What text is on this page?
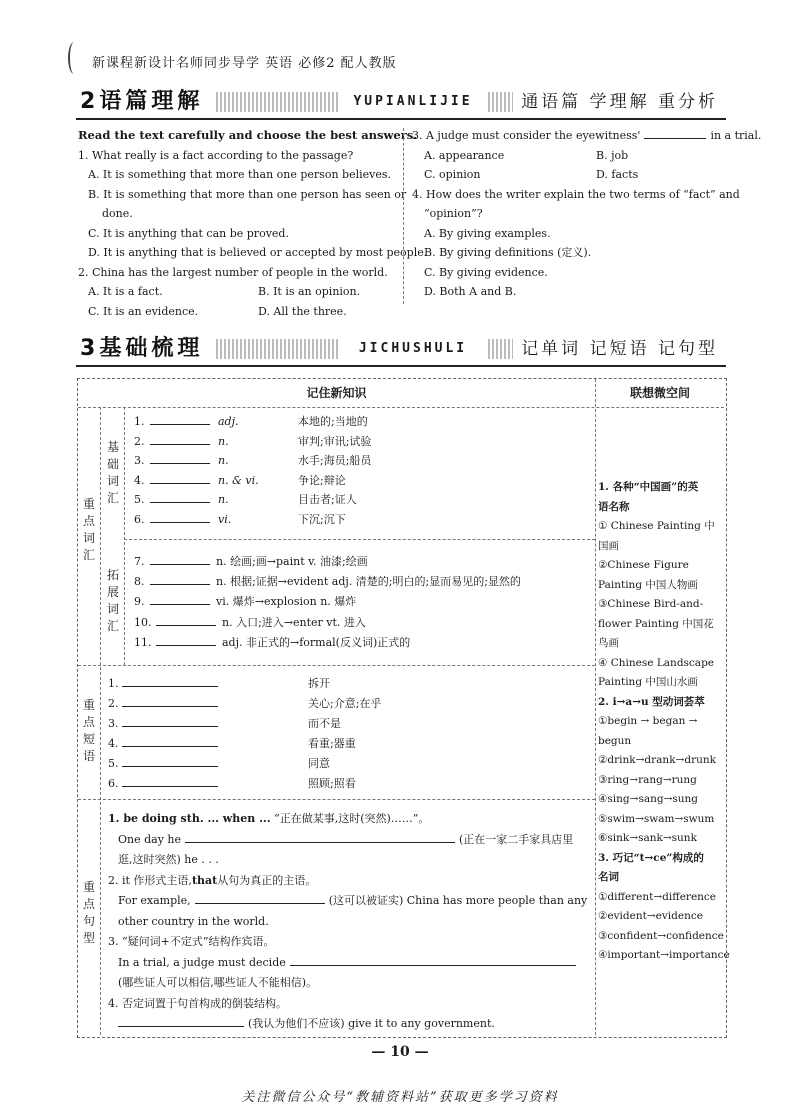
新课程新设计名师同步导学 英语 必修2 配人教版
2语篇理解	YUPIANLIJIE	通语篇 学理解 重分析
Read the text carefully and choose the best answers.
1. What really is a fact according to the passage?
A. It is something that more than one person believes.
B. It is something that more than one person has seen or
done.
C. It is anything that can be proved.
D. It is anything that is believed or accepted by most people.
2. China has the largest number of people in the world.
A. It is a fact.	B. It is an opinion.
C. It is an evidence.	D. All the three.
3. A judge must consider the eyewitness'	in a trial.
A. appearance	B. job
C. opinion	D. facts
4. How does the writer explain the two terms of “fact” and
“opinion”?
A. By giving examples.
B. By giving definitions (定义).
C. By giving evidence.
D. Both A and B.
3基础梳理	JICHUSHULI	记单词 记短语 记句型
记住新知识	联想微空间
重点词汇
基础词汇
拓展词汇
重点短语
重点句型
1.	adj.	本地的;当地的
2.	n.	审判;审讯;试验
3.	n.	水手;海员;船员
4.	n. & vi.	争论;辩论
5.	n.	目击者;证人
6.	vi.	下沉;沉下
7.	n. 绘画;画→paint v. 油漆;绘画
8.	n. 根据;证据→evident adj. 清楚的;明白的;显而易见的;显然的
9.	vi. 爆炸→explosion n. 爆炸
10.	n. 入口;进入→enter vt. 进入
11.	adj. 非正式的→formal(反义词)正式的
1.	拆开
2.	关心;介意;在乎
3.	而不是
4.	看重;器重
5.	同意
6.	照顾;照看
1. be doing sth. ... when ... “正在做某事,这时(突然)……”。
One day he	(正在一家二手家具店里
逛,这时突然) he . . .
2. it 作形式主语,that从句为真正的主语。
For example,	(这可以被证实) China has more people than any
other country in the world.
3. “疑问词+不定式”结构作宾语。
In a trial, a judge must decide
(哪些证人可以相信,哪些证人不能相信)。
4. 否定词置于句首构成的倒装结构。
(我认为他们不应该) give it to any government.
1. 各种“中国画”的英
语名称
① Chinese Painting 中
国画
②Chinese Figure
Painting 中国人物画
③Chinese Bird-and-
flower Painting 中国花
鸟画
④ Chinese Landscape
Painting 中国山水画
2. i→a→u 型动词荟萃
①begin → began →
begun
②drink→drank→drunk
③ring→rang→rung
④sing→sang→sung
⑤swim→swam→swum
⑥sink→sank→sunk
3. 巧记“t→ce”构成的
名词
①different→difference
②evident→evidence
③confident→confidence
④important→importance
— 10 —
关注微信公众号“教辅资料站”获取更多学习资料
